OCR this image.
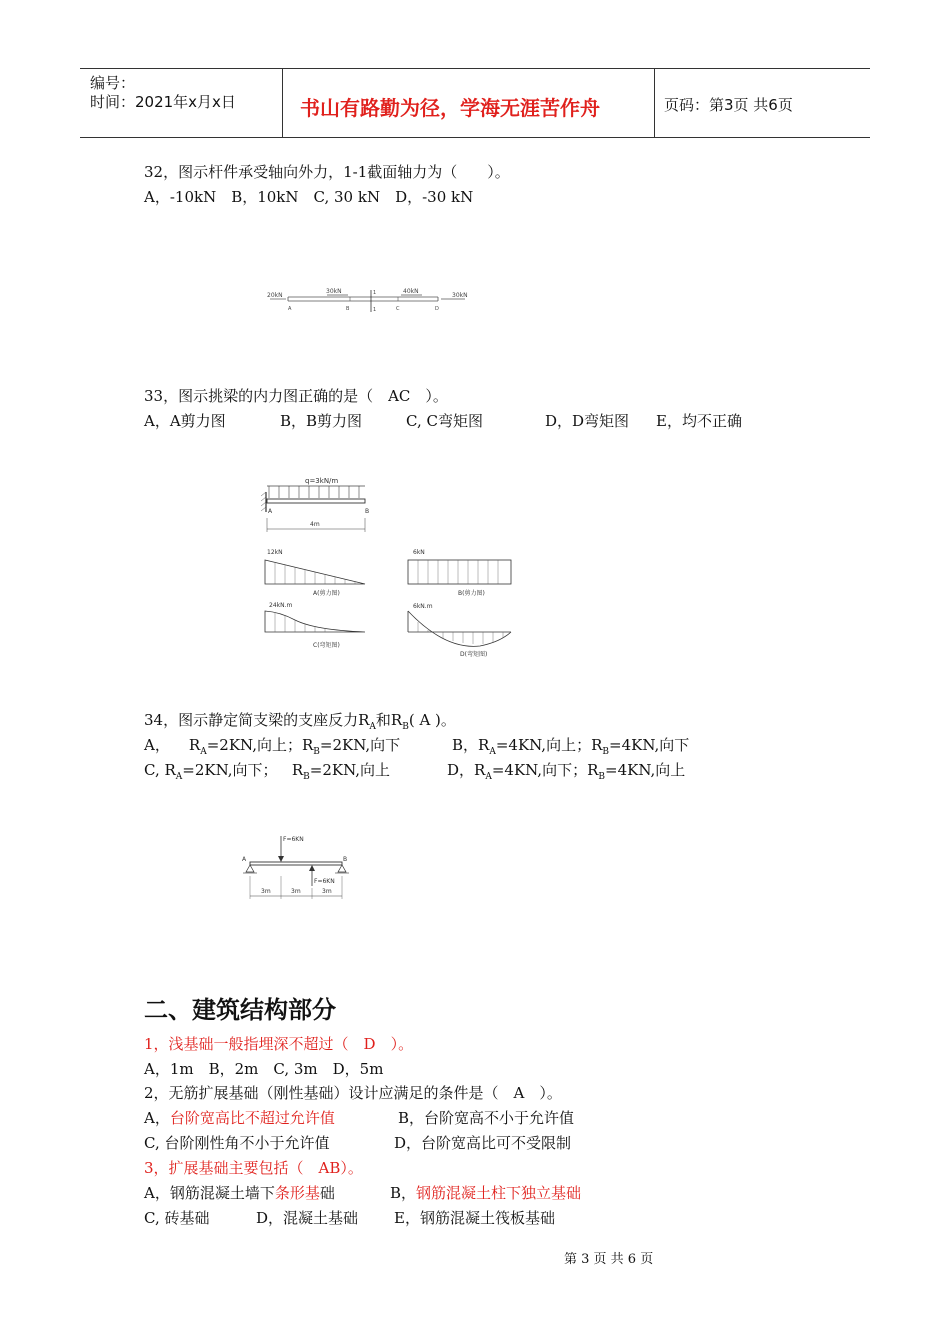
编号：
时间：2021年x月x日	书山有路勤为径，学海无涯苦作舟	页码：第3页 共6页
32，图示杆件承受轴向外力，1-1截面轴力为（　　）。
A，-10kN　B，10kN　C, 30 kN　D，-30 kN
20kN
30kN	40kN
30kN
A	B	C	D
1
1
33，图示挑梁的内力图正确的是（　AC　）。
A，A剪力图	B，B剪力图	C, C弯矩图	D，D弯矩图 E，均不正确
q=3kN/m
A	B
4m
12kN
A(剪力图)
6kN
B(剪力图)
24kN.m
C(弯矩图)
6kN.m
D(弯矩图)
34，图示静定简支梁的支座反力$R_A$和$R_B$( A )。
A， $R_A=2KN$,向上；$R_B=2KN$,向下	B，$R_A=4KN$,向上；$R_B=4KN$,向下
C, $R_A=2KN$,向下； $R_B=2KN$,向上	D，$R_A=4KN$,向下；$R_B=4KN$,向上
F=6KN
F=6KN
A	B
3m	3m	3m
二、建筑结构部分
1，浅基础一般指埋深不超过（　D　）。
A，1m　B，2m　C, 3m　D，5m
2，无筋扩展基础（刚性基础）设计应满足的条件是（　A　）。
A，台阶宽高比不超过允许值	B，台阶宽高不小于允许值
C, 台阶刚性角不小于允许值	D，台阶宽高比可不受限制
3，扩展基础主要包括（　AB）。
A，钢筋混凝土墙下条形基础	B，钢筋混凝土柱下独立基础
C, 砖基础	D，混凝土基础 E，钢筋混凝土筏板基础
第 3 页 共 6 页
